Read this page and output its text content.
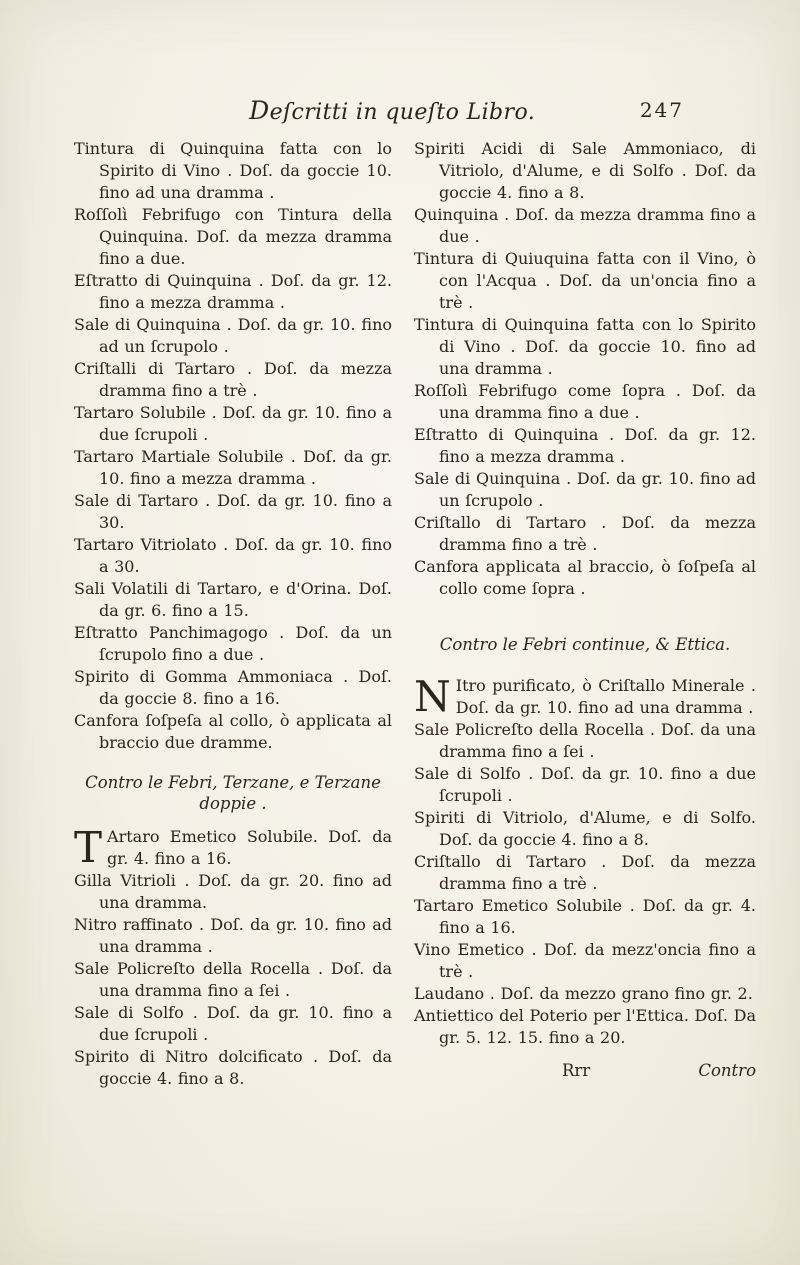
Deſcritti in queſto Libro.	247

Tintura di Quinquina fatta con lo Spirito di Vino . Doſ. da goccie 10. fino ad una dramma .

Roſſolì Febrifugo con Tintura della Quinquina. Doſ. da mezza dramma fino a due.

Eſtratto di Quinquina . Doſ. da gr. 12. fino a mezza dramma .

Sale di Quinquina . Doſ. da gr. 10. fino ad un ſcrupolo .

Criſtalli di Tartaro . Doſ. da mezza dramma fino a trè .

Tartaro Solubile . Doſ. da gr. 10. fino a due ſcrupoli .

Tartaro Martiale Solubile . Doſ. da gr. 10. fino a mezza dramma .

Sale di Tartaro . Doſ. da gr. 10. fino a 30.

Tartaro Vitriolato . Doſ. da gr. 10. fino a 30.

Sali Volatili di Tartaro, e d'Orina. Doſ. da gr. 6. fino a 15.

Eſtratto Panchimagogo . Doſ. da un ſcrupolo fino a due .

Spirito di Gomma Ammoniaca . Doſ. da goccie 8. fino a 16.

Canfora ſoſpeſa al collo, ò applicata al braccio due dramme.

Contro le Febri, Terzane, e Terzane doppie .

T Artaro Emetico Solubile. Doſ. da gr. 4. fino a 16.

Gilla Vitrioli . Doſ. da gr. 20. fino ad una dramma.

Nitro raffinato . Doſ. da gr. 10. fino ad una dramma .

Sale Policreſto della Rocella . Doſ. da una dramma fino a ſei .

Sale di Solfo . Doſ. da gr. 10. fino a due ſcrupoli .

Spirito di Nitro dolcificato . Doſ. da goccie 4. fino a 8.

Spiriti Acidi di Sale Ammoniaco, di Vitriolo, d'Alume, e di Solfo . Doſ. da goccie 4. fino a 8.

Quinquina . Doſ. da mezza dramma fino a due .

Tintura di Quiuquina fatta con il Vino, ò con l'Acqua . Doſ. da un'oncia fino a trè .

Tintura di Quinquina fatta con lo Spirito di Vino . Doſ. da goccie 10. fino ad una dramma .

Roſſolì Febrifugo come ſopra . Doſ. da una dramma fino a due .

Eſtratto di Quinquina . Doſ. da gr. 12. fino a mezza dramma .

Sale di Quinquina . Doſ. da gr. 10. fino ad un ſcrupolo .

Criſtallo di Tartaro . Doſ. da mezza dramma fino a trè .

Canfora applicata al braccio, ò ſoſpeſa al collo come ſopra .

Contro le Febri continue, & Ettica.

N Itro purificato, ò Criſtallo Minerale . Doſ. da gr. 10. fino ad una dramma .

Sale Policreſto della Rocella . Doſ. da una dramma fino a ſei .

Sale di Solfo . Doſ. da gr. 10. fino a due ſcrupoli .

Spiriti di Vitriolo, d'Alume, e di Solfo. Doſ. da goccie 4. fino a 8.

Criſtallo di Tartaro . Doſ. da mezza dramma fino a trè .

Tartaro Emetico Solubile . Doſ. da gr. 4. fino a 16.

Vino Emetico . Doſ. da mezz'oncia fino a trè .

Laudano . Doſ. da mezzo grano fino gr. 2.

Antiettico del Poterio per l'Ettica. Doſ. Da gr. 5. 12. 15. fino a 20.

Rrr	Contro
